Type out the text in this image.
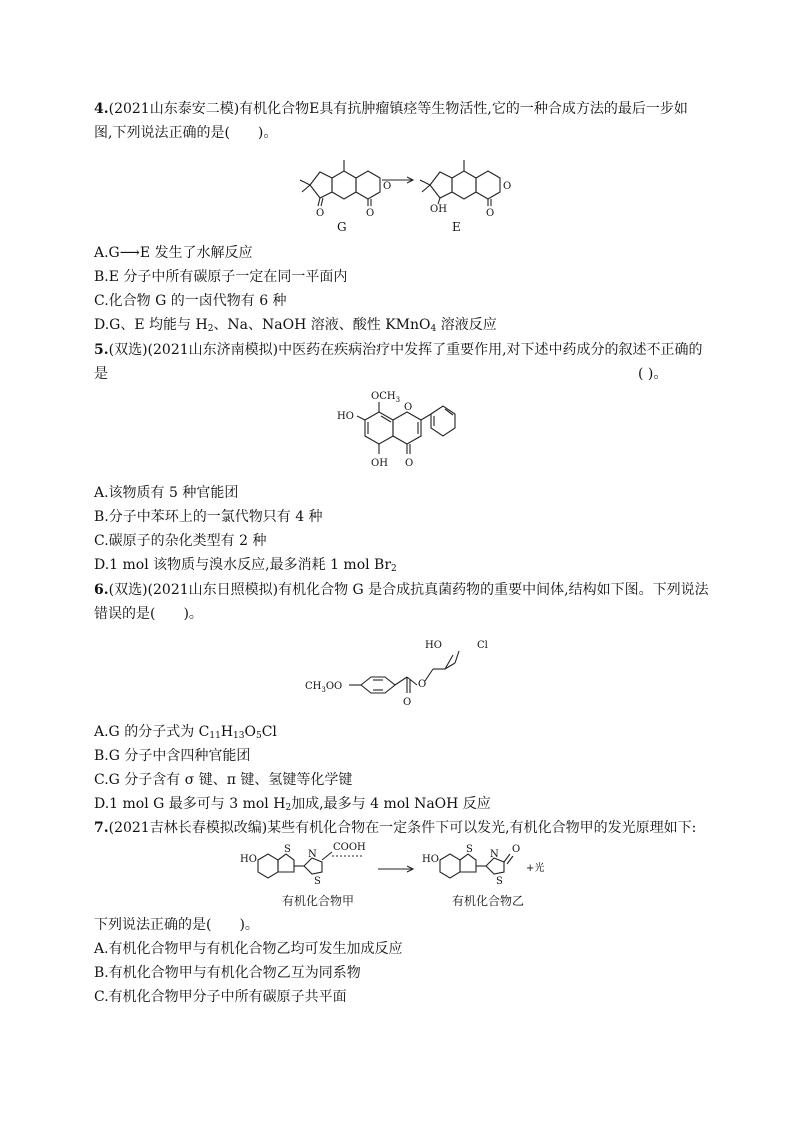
4.(2021山东泰安二模)有机化合物E具有抗肿瘤镇痉等生物活性,它的一种合成方法的最后一步如
图,下列说法正确的是( )。
O	O
O
OH	O
O
G	E
A.G⟶E 发生了水解反应
B.E 分子中所有碳原子一定在同一平面内
C.化合物 G 的一卤代物有 6 种
D.G、E 均能与 $H_2$、Na、NaOH 溶液、酸性 KMnO$_4$ 溶液反应
5.(双选)(2021山东济南模拟)中医药在疾病治疗中发挥了重要作用,对下述中药成分的叙述不正确的
是	( )。
HO
$OCH_3$
O
OH O
A.该物质有 5 种官能团
B.分子中苯环上的一氯代物只有 4 种
C.碳原子的杂化类型有 2 种
D.1 mol 该物质与溴水反应,最多消耗 1 mol $Br_2$
6.(双选)(2021山东日照模拟)有机化合物 G 是合成抗真菌药物的重要中间体,结构如下图。下列说法
错误的是( )。
$CH_3OO$	O
O
HO	Cl
A.G 的分子式为 $C_{11}H_{13}O_5Cl$
B.G 分子中含四种官能团
C.G 分子含有 σ 键、π 键、氢键等化学键
D.1 mol G 最多可与 3 mol $H_2$加成,最多与 4 mol NaOH 反应
7.(2021吉林长春模拟改编)某些有机化合物在一定条件下可以发光,有机化合物甲的发光原理如下:
HO
S N
S
COOH
HO
S N
S
O
+光
有机化合物甲	有机化合物乙
下列说法正确的是( )。
A.有机化合物甲与有机化合物乙均可发生加成反应
B.有机化合物甲与有机化合物乙互为同系物
C.有机化合物甲分子中所有碳原子共平面
